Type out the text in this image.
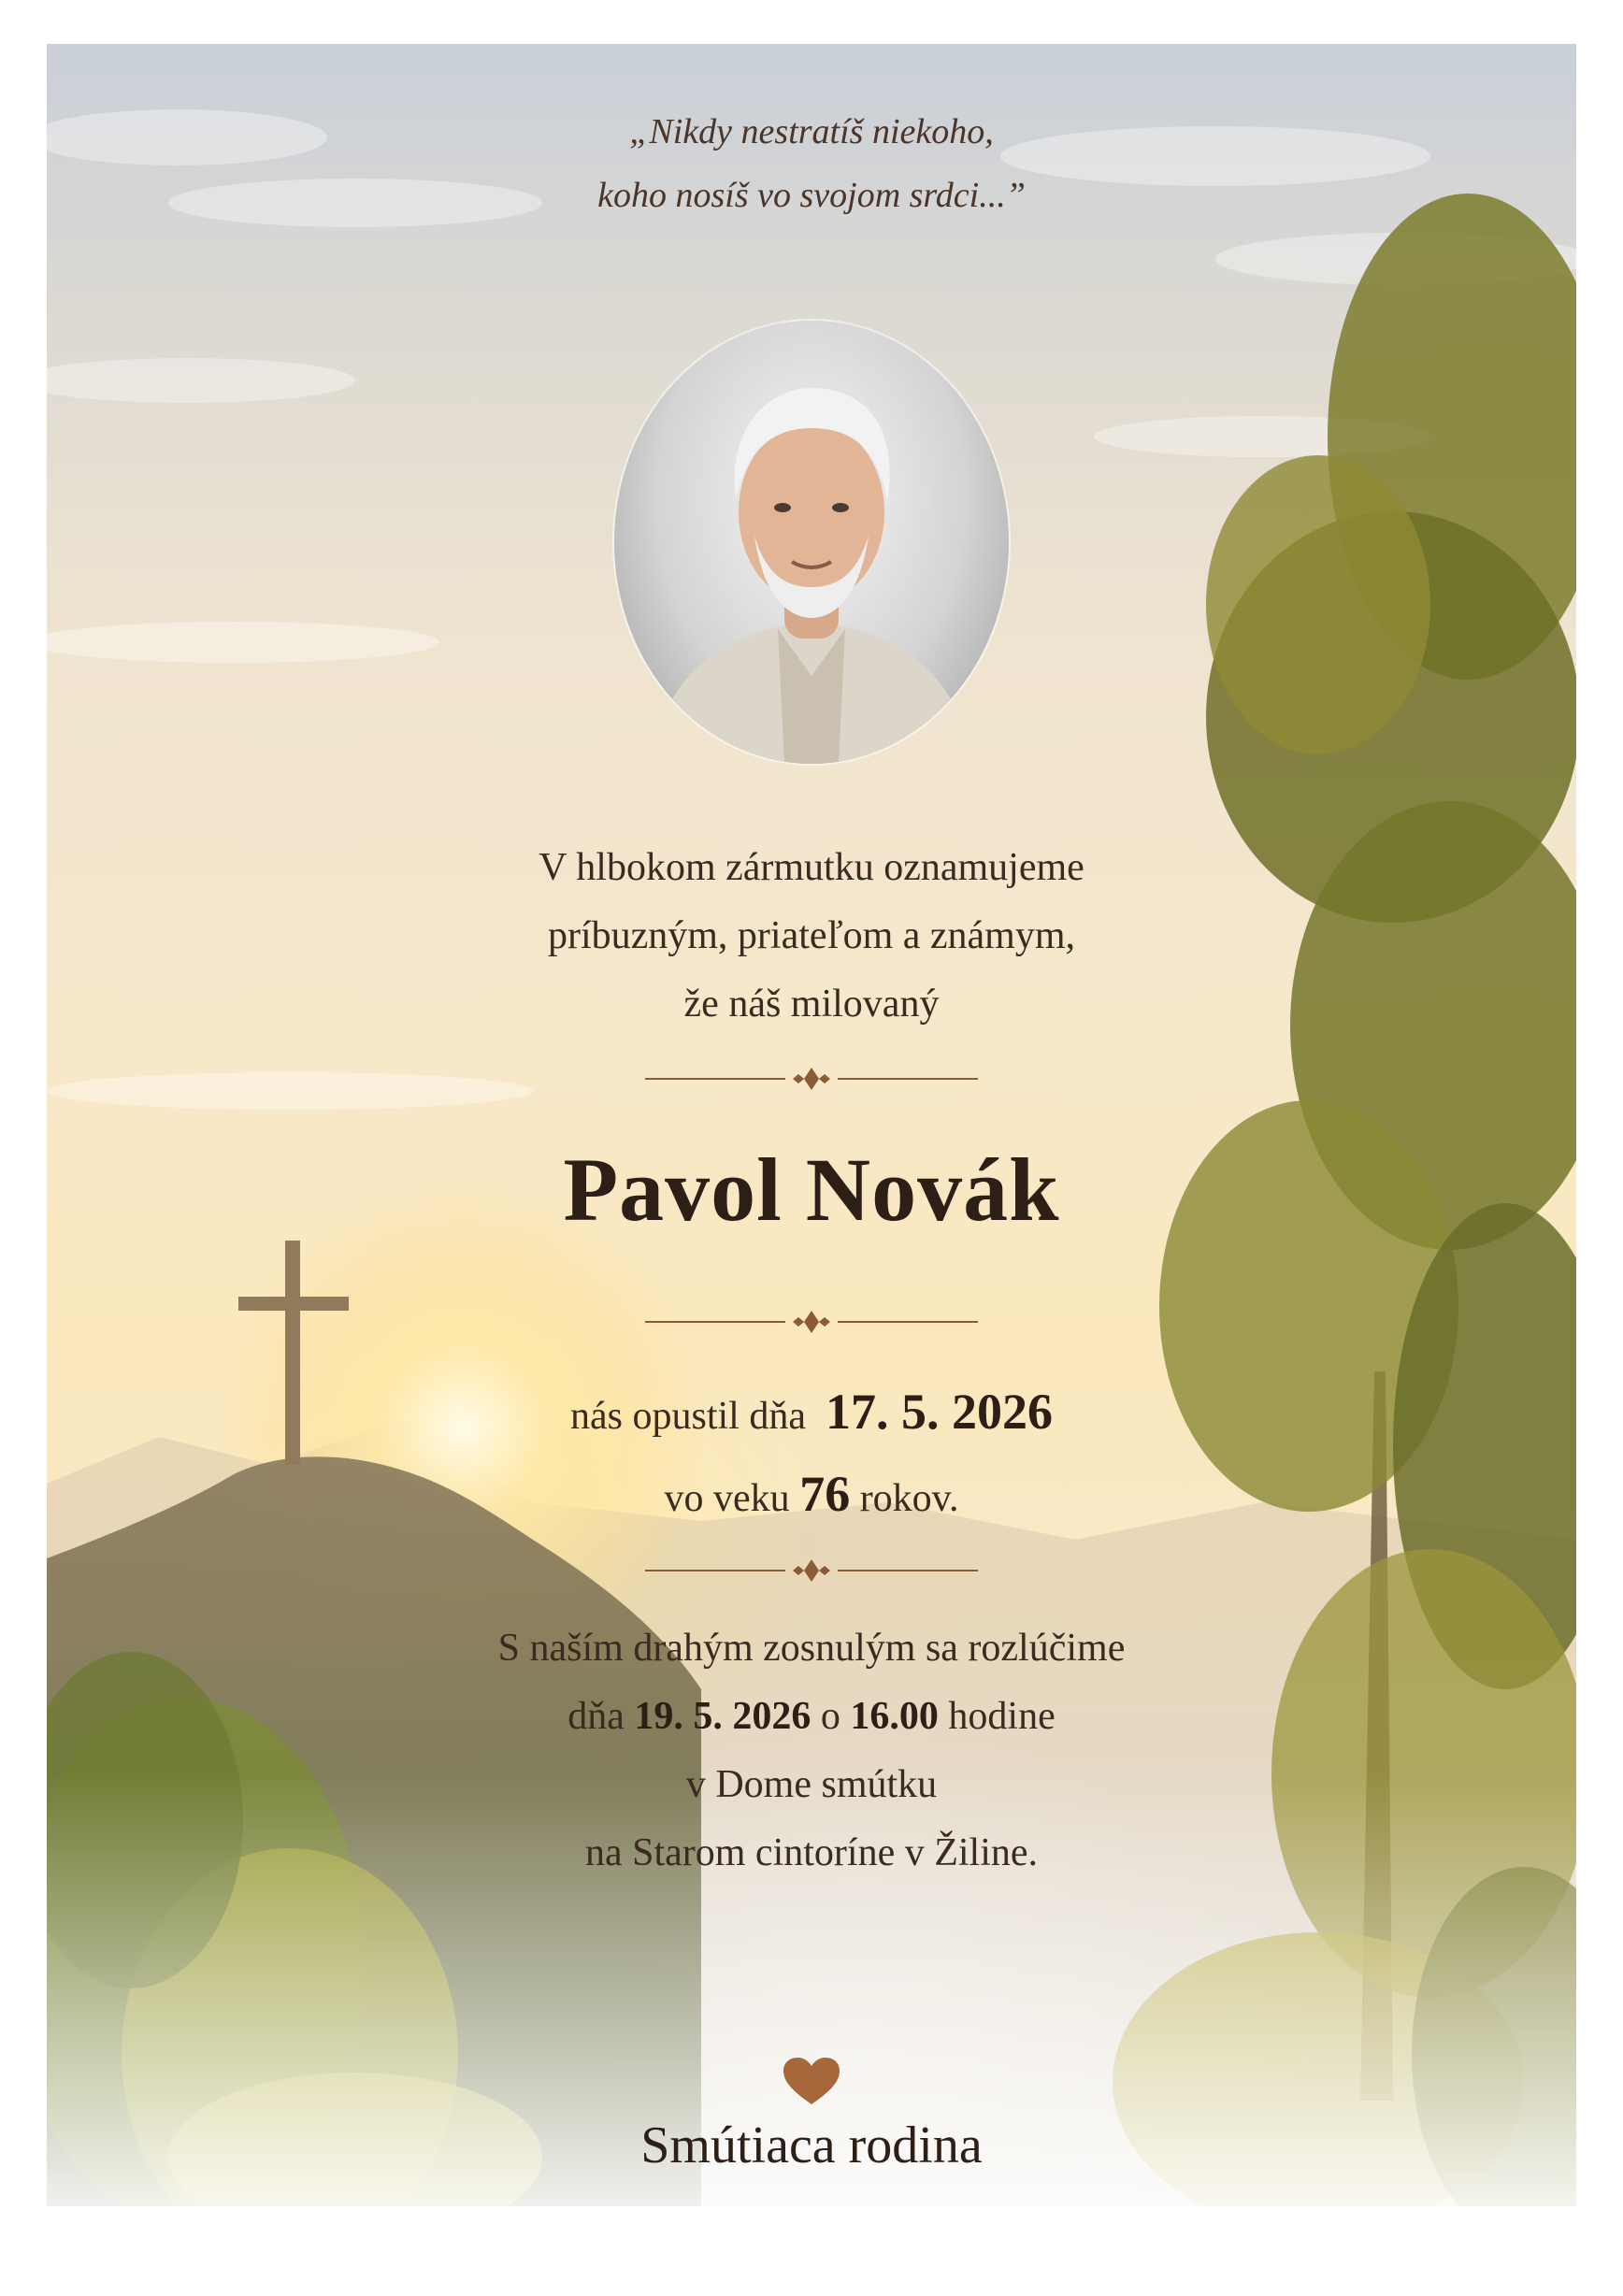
„Nikdy nestratíš niekoho,
koho nosíš vo svojom srdci...”
V hlbokom zármutku oznamujeme
príbuzným, priateľom a známym,
že náš milovaný
Pavol Novák
nás opustil dňa 17. 5. 2026
vo veku 76 rokov.
S naším drahým zosnulým sa rozlúčime
dňa 19. 5. 2026 o 16.00 hodine
v Dome smútku
na Starom cintoríne v Žiline.
Smútiaca rodina
